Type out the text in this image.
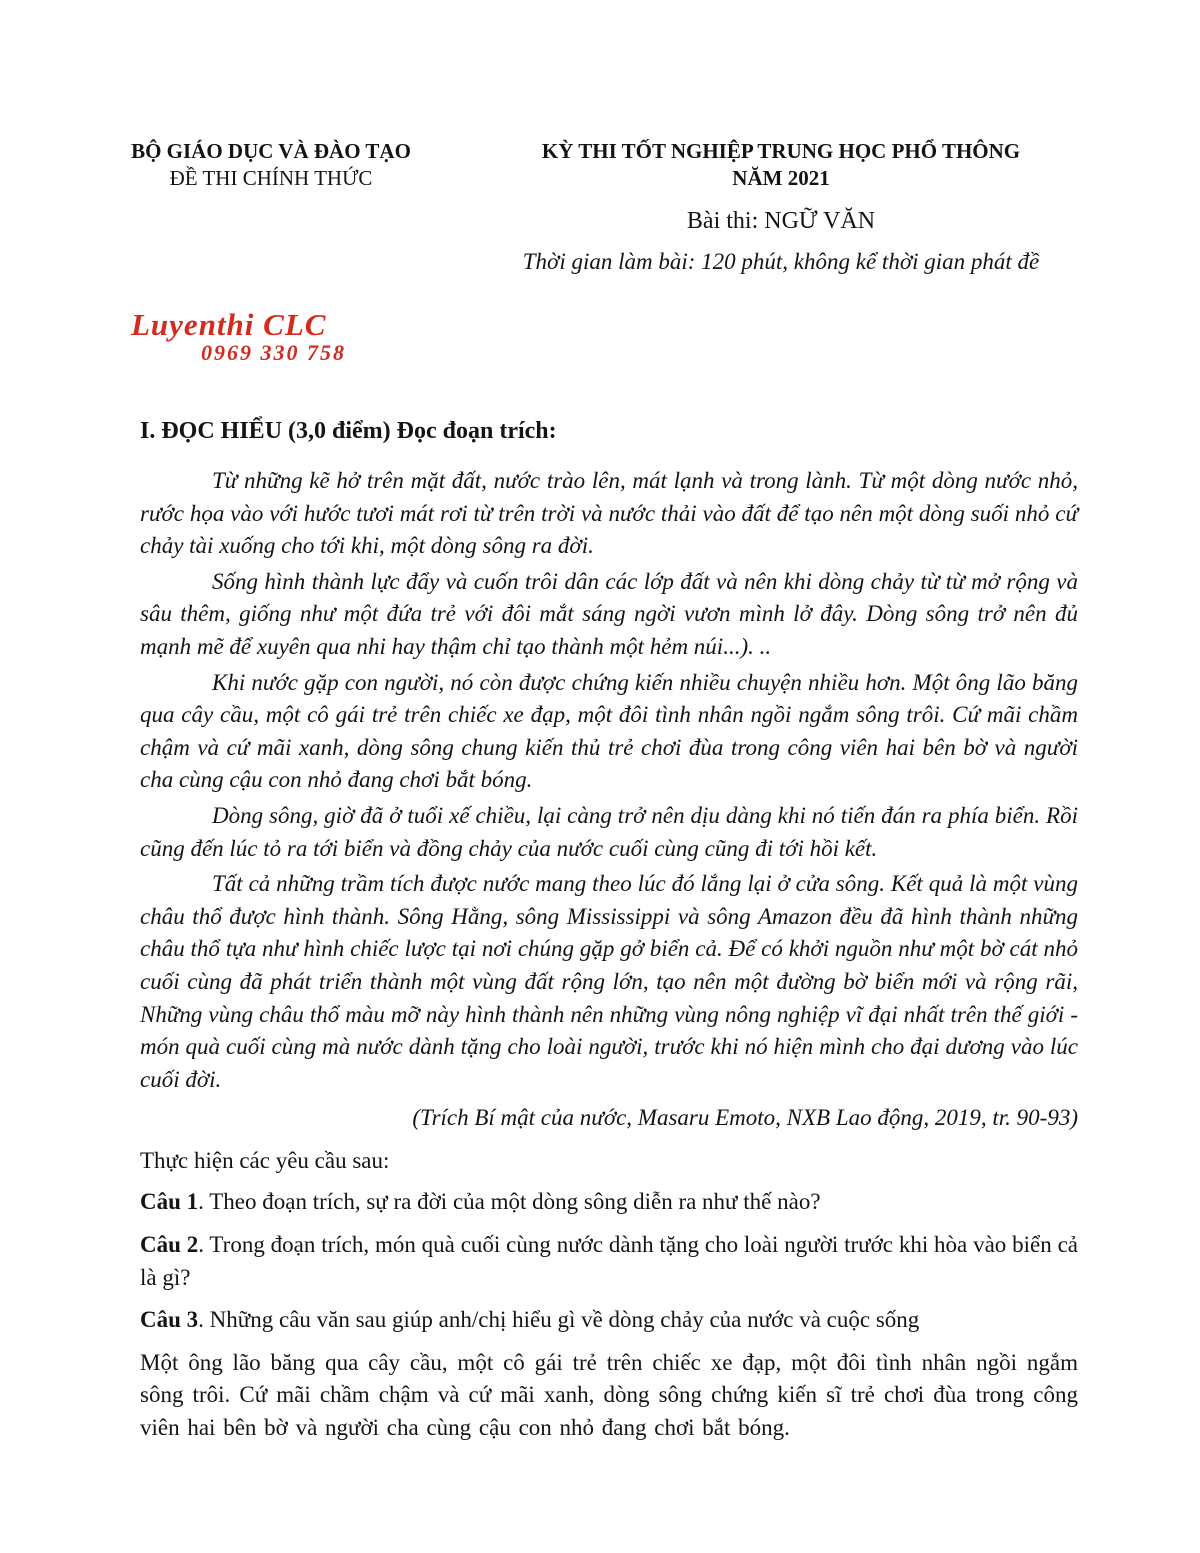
BỘ GIÁO DỤC VÀ ĐÀO TẠO
ĐỀ THI CHÍNH THỨC
KỲ THI TỐT NGHIỆP TRUNG HỌC PHỔ THÔNG
NĂM 2021
Bài thi: NGỮ VĂN
Thời gian làm bài: 120 phút, không kể thời gian phát đề
Luyenthi CLC
0969 330 758
I. ĐỌC HIỂU (3,0 điểm) Đọc đoạn trích:

Từ những kẽ hở trên mặt đất, nước trào lên, mát lạnh và trong lành. Từ một dòng nước nhỏ, rước họa vào với hước tươi mát rơi từ trên trời và nước thải vào đất để tạo nên một dòng suối nhỏ cứ chảy tài xuống cho tới khi, một dòng sông ra đời.

Sống hình thành lực đẩy và cuốn trôi dân các lớp đất và nên khi dòng chảy từ từ mở rộng và sâu thêm, giống như một đứa trẻ với đôi mắt sáng ngời vươn mình lở đây. Dòng sông trở nên đủ mạnh mẽ để xuyên qua nhi hay thậm chỉ tạo thành một hẻm núi...). ..

Khi nước gặp con người, nó còn được chứng kiến nhiều chuyện nhiều hơn. Một ông lão băng qua cây cầu, một cô gái trẻ trên chiếc xe đạp, một đôi tình nhân ngồi ngắm sông trôi. Cứ mãi chầm chậm và cứ mãi xanh, dòng sông chung kiến thủ trẻ chơi đùa trong công viên hai bên bờ và người cha cùng cậu con nhỏ đang chơi bắt bóng.

Dòng sông, giờ đã ở tuổi xế chiều, lại càng trở nên dịu dàng khi nó tiến đán ra phía biển. Rồi cũng đến lúc tỏ ra tới biển và đồng chảy của nước cuối cùng cũng đi tới hồi kết.

Tất cả những trầm tích được nước mang theo lúc đó lắng lại ở cửa sông. Kết quả là một vùng châu thổ được hình thành. Sông Hằng, sông Mississippi và sông Amazon đều đã hình thành những châu thổ tựa như hình chiếc lược tại nơi chúng gặp gở biển cả. Để có khởi nguồn như một bờ cát nhỏ cuối cùng đã phát triển thành một vùng đất rộng lớn, tạo nên một đường bờ biển mới và rộng rãi, Những vùng châu thổ màu mỡ này hình thành nên những vùng nông nghiệp vĩ đại nhất trên thế giới - món quà cuối cùng mà nước dành tặng cho loài người, trước khi nó hiện mình cho đại dương vào lúc cuối đời.

(Trích Bí mật của nước, Masaru Emoto, NXB Lao động, 2019, tr. 90-93)

Thực hiện các yêu cầu sau:

Câu 1. Theo đoạn trích, sự ra đời của một dòng sông diễn ra như thế nào?

Câu 2. Trong đoạn trích, món quà cuối cùng nước dành tặng cho loài người trước khi hòa vào biển cả là gì?

Câu 3. Những câu văn sau giúp anh/chị hiểu gì về dòng chảy của nước và cuộc sống

Một ông lão băng qua cây cầu, một cô gái trẻ trên chiếc xe đạp, một đôi tình nhân ngồi ngắm sông trôi. Cứ mãi chầm chậm và cứ mãi xanh, dòng sông chứng kiến sĩ trẻ chơi đùa trong công viên hai bên bờ và người cha cùng cậu con nhỏ đang chơi bắt bóng.
